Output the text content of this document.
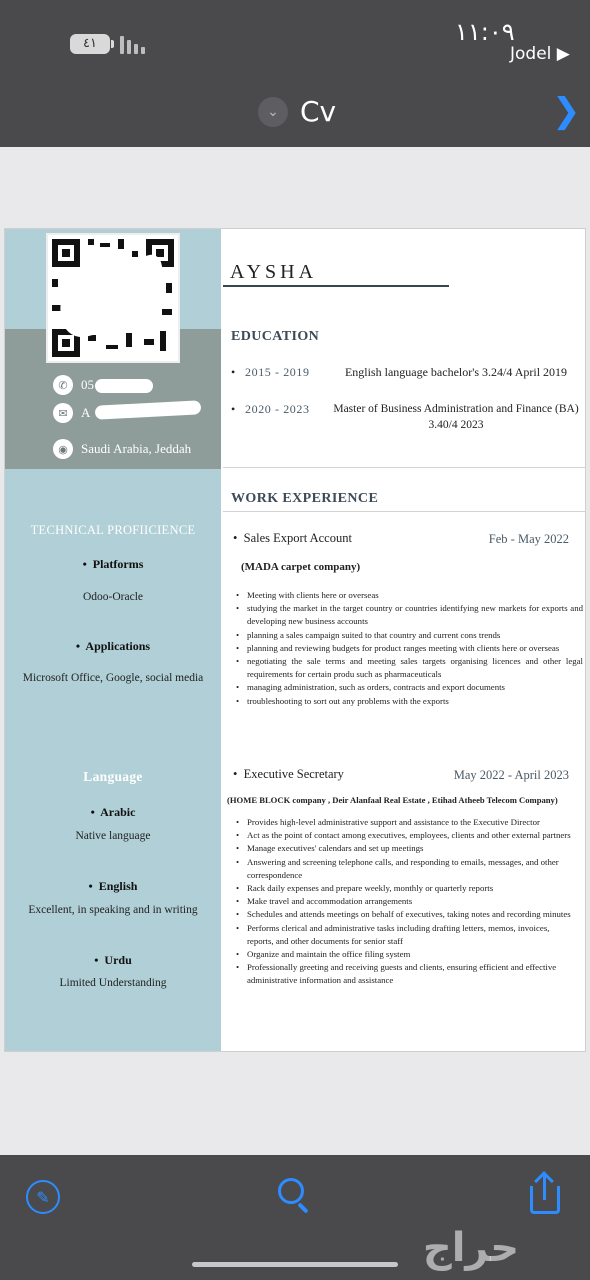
٤١	١١:٠٩
Jodel ▶
⌄ Cv	❯
✆	05
✉	A
◉	Saudi Arabia, Jeddah
TECHNICAL PROFIICIENCE
•  Platforms
Odoo-Oracle
•  Applications
Microsoft Office, Google, social media
Language
•  Arabic
Native language
•  English
Excellent, in speaking and in writing
•  Urdu
Limited Understanding
AYSHA
EDUCATION
• 2015 - 2019	English language bachelor's 3.24/4 April 2019
• 2020 - 2023	Master of Business Administration and Finance (BA) 3.40/4 2023
WORK EXPERIENCE
•  Sales Export Account	Feb - May 2022
(MADA carpet company)
• Meeting with clients here or overseas
• studying the market in the target country or countries identifying new markets for exports and developing new business accounts
• planning a sales campaign suited to that country and current cons trends
• planning and reviewing budgets for product ranges meeting with clients here or overseas
• negotiating the sale terms and meeting sales targets organising licences and other legal requirements for certain produ such as pharmaceuticals
• managing administration, such as orders, contracts and export documents
• troubleshooting to sort out any problems with the exports
•  Executive Secretary	May 2022 - April 2023
(HOME BLOCK company , Deir Alanfaal Real Estate , Etihad Atheeb Telecom Company)
• Provides high-level administrative support and assistance to the Executive Director
• Act as the point of contact among executives, employees, clients and other external partners
• Manage executives' calendars and set up meetings
• Answering and screening telephone calls, and responding to emails, messages, and other correspondence
• Rack daily expenses and prepare weekly, monthly or quarterly reports
• Make travel and accommodation arrangements
• Schedules and attends meetings on behalf of executives, taking notes and recording minutes
• Performs clerical and administrative tasks including drafting letters, memos, invoices, reports, and other documents for senior staff
• Organize and maintain the office filing system
• Professionally greeting and receiving guests and clients, ensuring efficient and effective administrative information and assistance
✎
حراج
